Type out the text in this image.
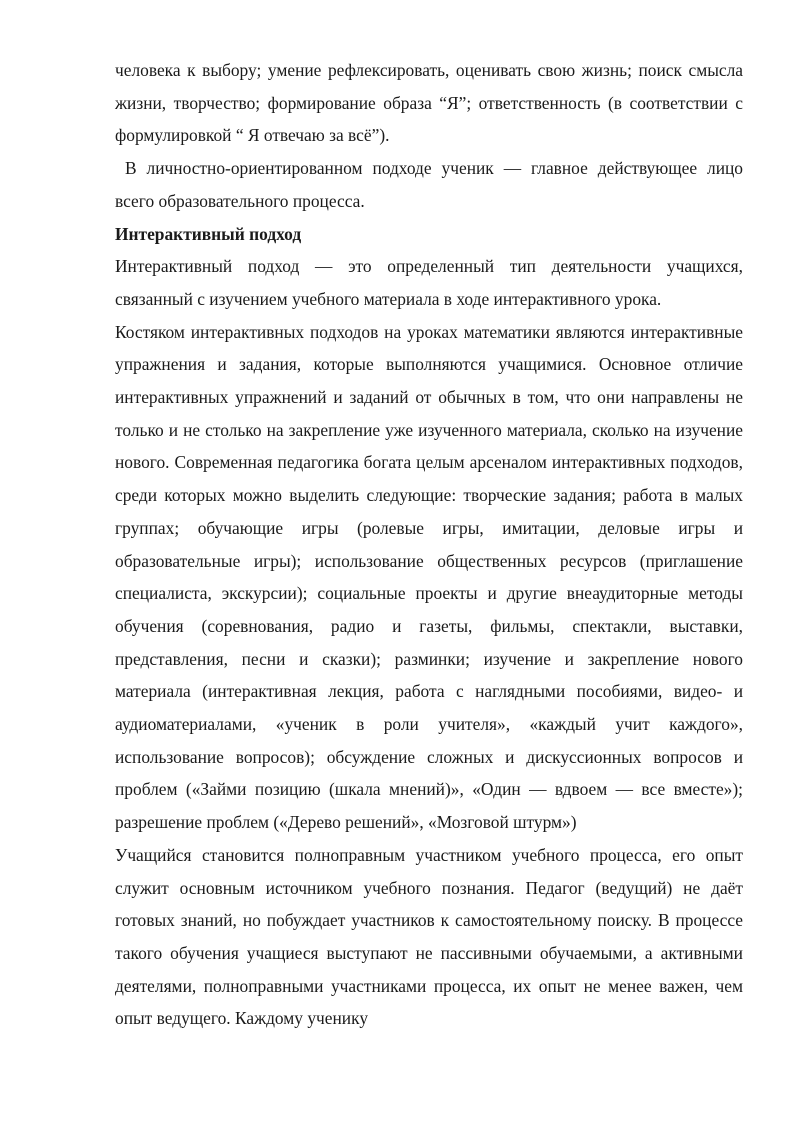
человека к выбору; умение рефлексировать, оценивать свою жизнь; поиск смысла жизни, творчество; формирование образа “Я”; ответственность (в соответствии с формулировкой “ Я отвечаю за всё”).

В личностно-ориентированном подходе ученик — главное действующее лицо всего образовательного процесса.

Интерактивный подход

Интерактивный подход — это определенный тип деятельности учащихся, связанный с изучением учебного материала в ходе интерактивного урока.

Костяком интерактивных подходов на уроках математики являются интерактивные упражнения и задания, которые выполняются учащимися. Основное отличие интерактивных упражнений и заданий от обычных в том, что они направлены не только и не столько на закрепление уже изученного материала, сколько на изучение нового. Современная педагогика богата целым арсеналом интерактивных подходов, среди которых можно выделить следующие: творческие задания; работа в малых группах; обучающие игры (ролевые игры, имитации, деловые игры и образовательные игры); использование общественных ресурсов (приглашение специалиста, экскурсии); социальные проекты и другие внеаудиторные методы обучения (соревнования, радио и газеты, фильмы, спектакли, выставки, представления, песни и сказки); разминки; изучение и закрепление нового материала (интерактивная лекция, работа с наглядными пособиями, видео- и аудиоматериалами, «ученик в роли учителя», «каждый учит каждого», использование вопросов); обсуждение сложных и дискуссионных вопросов и проблем («Займи позицию (шкала мнений)», «Один — вдвоем — все вместе»); разрешение проблем («Дерево решений», «Мозговой штурм»)

Учащийся становится полноправным участником учебного процесса, его опыт служит основным источником учебного познания. Педагог (ведущий) не даёт готовых знаний, но побуждает участников к самостоятельному поиску. В процессе такого обучения учащиеся выступают не пассивными обучаемыми, а активными деятелями, полноправными участниками процесса, их опыт не менее важен, чем опыт ведущего. Каждому ученику
